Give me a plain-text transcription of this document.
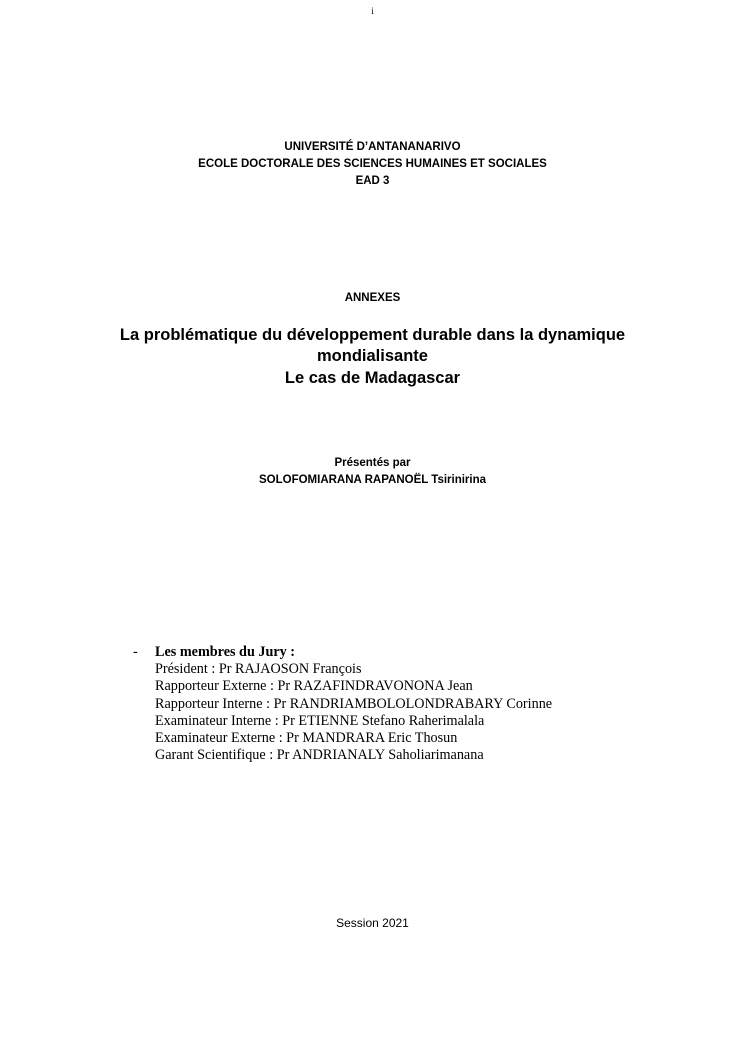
i
UNIVERSITÉ D’ANTANANARIVO
ECOLE DOCTORALE DES SCIENCES HUMAINES ET SOCIALES
EAD 3
ANNEXES
La problématique du développement durable dans la dynamique
mondialisante
Le cas de Madagascar
Présentés par
SOLOFOMIARANA RAPANOËL Tsirinirina
- Les membres du Jury :
Président : Pr RAJAOSON François
Rapporteur Externe : Pr RAZAFINDRAVONONA Jean
Rapporteur Interne : Pr RANDRIAMBOLOLONDRABARY Corinne
Examinateur Interne : Pr ETIENNE Stefano Raherimalala
Examinateur Externe : Pr MANDRARA Eric Thosun
Garant Scientifique : Pr ANDRIANALY Saholiarimanana
Session 2021
